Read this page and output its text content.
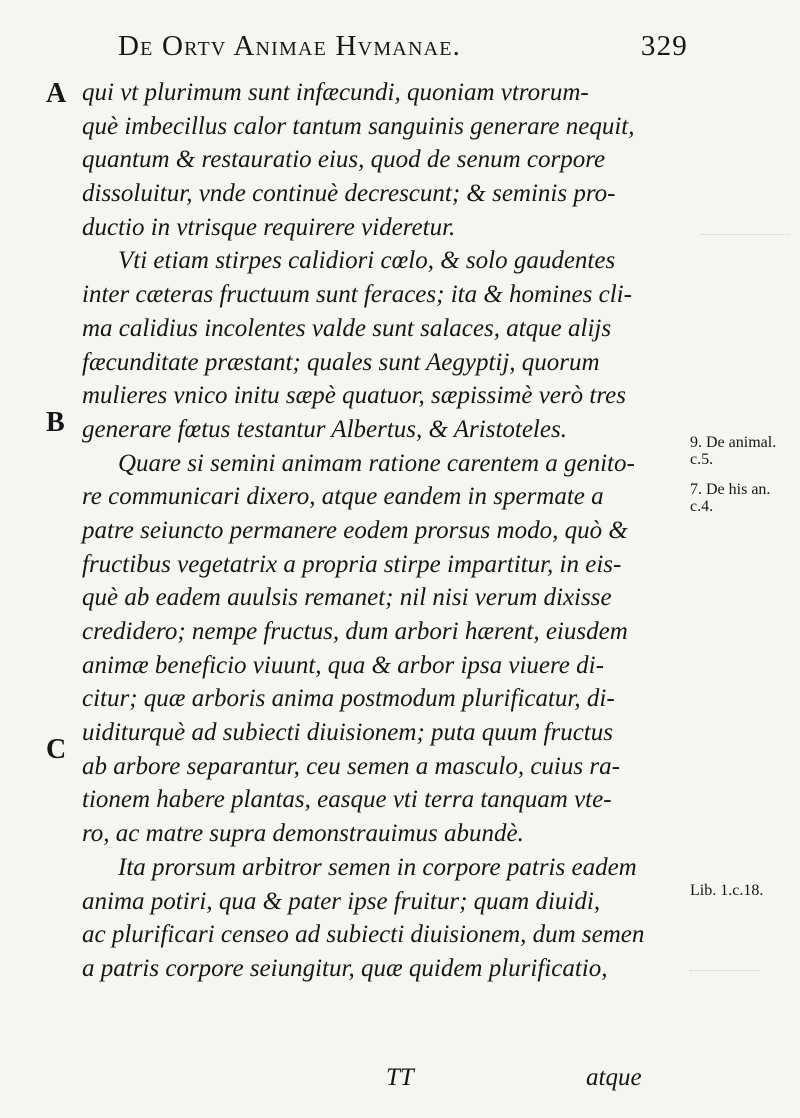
De Ortv Animae Hvmanae.	329
A
B
C
qui vt plurimum sunt infæcundi, quoniam vtrorum-
què imbecillus calor tantum sanguinis generare nequit,
quantum & restauratio eius, quod de senum corpore
dissoluitur, vnde continuè decrescunt; & seminis pro-
ductio in vtrisque requirere videretur.
Vti etiam stirpes calidiori cœlo, & solo gaudentes
inter cæteras fructuum sunt feraces; ita & homines cli-
ma calidius incolentes valde sunt salaces, atque alijs
fæcunditate præstant; quales sunt Aegyptij, quorum
mulieres vnico initu sæpè quatuor, sæpissimè verò tres
generare fœtus testantur Albertus, & Aristoteles.
Quare si semini animam ratione carentem a genito-
re communicari dixero, atque eandem in spermate a
patre seiuncto permanere eodem prorsus modo, quò &
fructibus vegetatrix a propria stirpe impartitur, in eis-
què ab eadem auulsis remanet; nil nisi verum dixisse
credidero; nempe fructus, dum arbori hærent, eiusdem
animæ beneficio viuunt, qua & arbor ipsa viuere di-
citur; quæ arboris anima postmodum plurificatur, di-
uiditurquè ad subiecti diuisionem; puta quum fructus
ab arbore separantur, ceu semen a masculo, cuius ra-
tionem habere plantas, easque vti terra tanquam vte-
ro, ac matre supra demonstrauimus abundè.
Ita prorsum arbitror semen in corpore patris eadem
anima potiri, qua & pater ipse fruitur; quam diuidi,
ac plurificari censeo ad subiecti diuisionem, dum semen
a patris corpore seiungitur, quæ quidem plurificatio,
9. De animal.
c.5.
7. De his an.
c.4.
Lib. 1.c.18.
TT	atque
